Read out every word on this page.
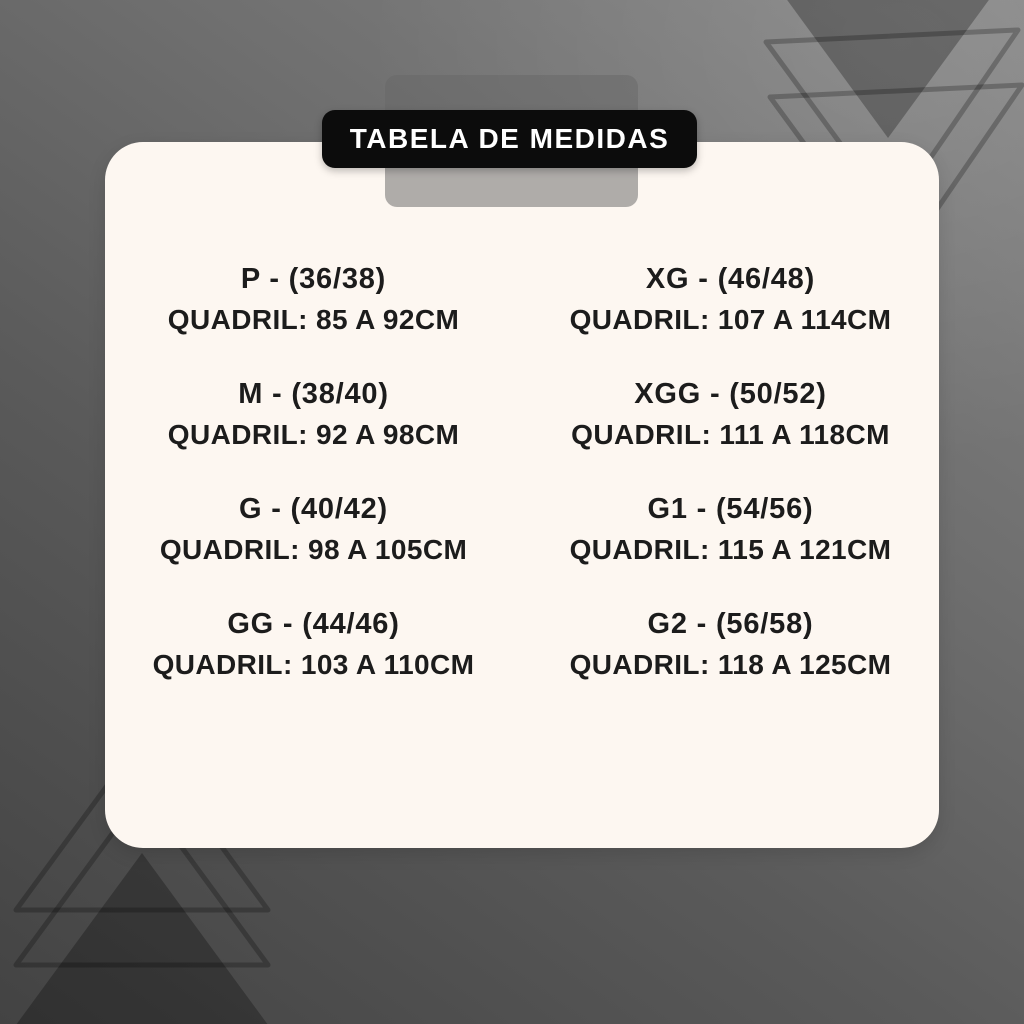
TABELA DE MEDIDAS
P - (36/38)
QUADRIL: 85 A 92CM
M - (38/40)
QUADRIL: 92 A 98CM
G - (40/42)
QUADRIL: 98 A 105CM
GG - (44/46)
QUADRIL: 103 A 110CM
XG - (46/48)
QUADRIL: 107 A 114CM
XGG - (50/52)
QUADRIL: 111 A 118CM
G1 - (54/56)
QUADRIL: 115 A 121CM
G2 - (56/58)
QUADRIL: 118 A 125CM
